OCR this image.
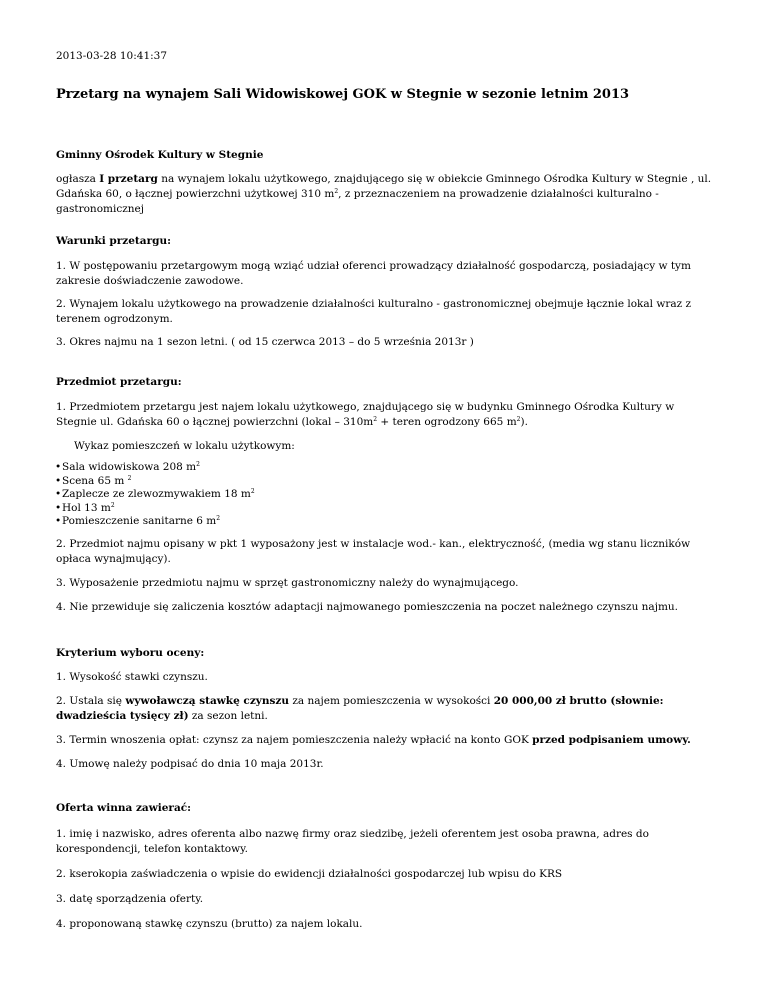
2013-03-28 10:41:37
Przetarg na wynajem Sali Widowiskowej GOK w Stegnie w sezonie letnim 2013

Gminny Ośrodek Kultury w Stegnie

ogłasza I przetarg na wynajem lokalu użytkowego, znajdującego się w obiekcie Gminnego Ośrodka Kultury w Stegnie , ul. Gdańska 60, o łącznej powierzchni użytkowej 310 $m^2$, z przeznaczeniem na prowadzenie działalności kulturalno - gastronomicznej

Warunki przetargu:

1. W postępowaniu przetargowym mogą wziąć udział oferenci prowadzący działalność gospodarczą, posiadający w tym zakresie doświadczenie zawodowe.

2. Wynajem lokalu użytkowego na prowadzenie działalności kulturalno - gastronomicznej obejmuje łącznie lokal wraz z terenem ogrodzonym.

3. Okres najmu na 1 sezon letni. ( od 15 czerwca 2013 – do 5 września 2013r )

Przedmiot przetargu:

1. Przedmiotem przetargu jest najem lokalu użytkowego, znajdującego się w budynku Gminnego Ośrodka Kultury w Stegnie ul. Gdańska 60 o łącznej powierzchni (lokal – $310m^2$ + teren ogrodzony 665 $m^2$).

Wykaz pomieszczeń w lokalu użytkowym:

• Sala widowiskowa 208 $m^2$
• Scena 65 m $^2$
• Zaplecze ze zlewozmywakiem 18 $m^2$
• Hol 13 $m^2$
• Pomieszczenie sanitarne 6 $m^2$

2. Przedmiot najmu opisany w pkt 1 wyposażony jest w instalacje wod.- kan., elektryczność, (media wg stanu liczników opłaca wynajmujący).

3. Wyposażenie przedmiotu najmu w sprzęt gastronomiczny należy do wynajmującego.

4. Nie przewiduje się zaliczenia kosztów adaptacji najmowanego pomieszczenia na poczet należnego czynszu najmu.

Kryterium wyboru oceny:

1. Wysokość stawki czynszu.

2. Ustala się wywoławczą stawkę czynszu za najem pomieszczenia w wysokości 20 000,00 zł brutto (słownie: dwadzieścia tysięcy zł) za sezon letni.

3. Termin wnoszenia opłat: czynsz za najem pomieszczenia należy wpłacić na konto GOK przed podpisaniem umowy.

4. Umowę należy podpisać do dnia 10 maja 2013r.

Oferta winna zawierać:

1. imię i nazwisko, adres oferenta albo nazwę firmy oraz siedzibę, jeżeli oferentem jest osoba prawna, adres do korespondencji, telefon kontaktowy.

2. kserokopia zaświadczenia o wpisie do ewidencji działalności gospodarczej lub wpisu do KRS

3. datę sporządzenia oferty.

4. proponowaną stawkę czynszu (brutto) za najem lokalu.
